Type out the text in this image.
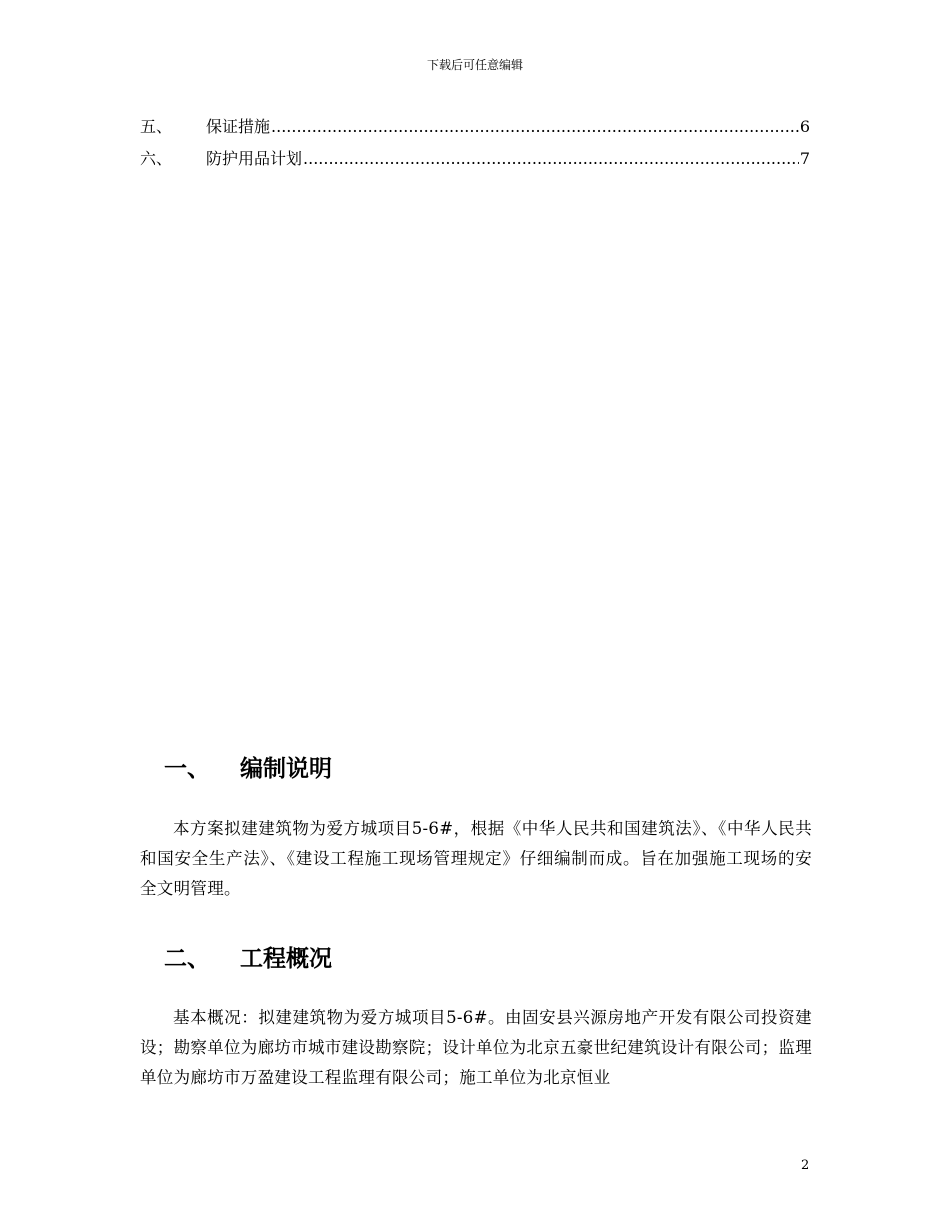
下载后可任意编辑
五、	保证措施 .....	6
六、	防护用品计划 .....	7
一、	编制说明
本方案拟建建筑物为爱方城项目5-6#，根据《中华人民共和国建筑法》、《中华人民共和国安全生产法》、《建设工程施工现场管理规定》仔细编制而成。旨在加强施工现场的安全文明管理。
二、	工程概况
基本概况：拟建建筑物为爱方城项目5-6#。由固安县兴源房地产开发有限公司投资建设；勘察单位为廊坊市城市建设勘察院；设计单位为北京五豪世纪建筑设计有限公司；监理单位为廊坊市万盈建设工程监理有限公司；施工单位为北京恒业
2
